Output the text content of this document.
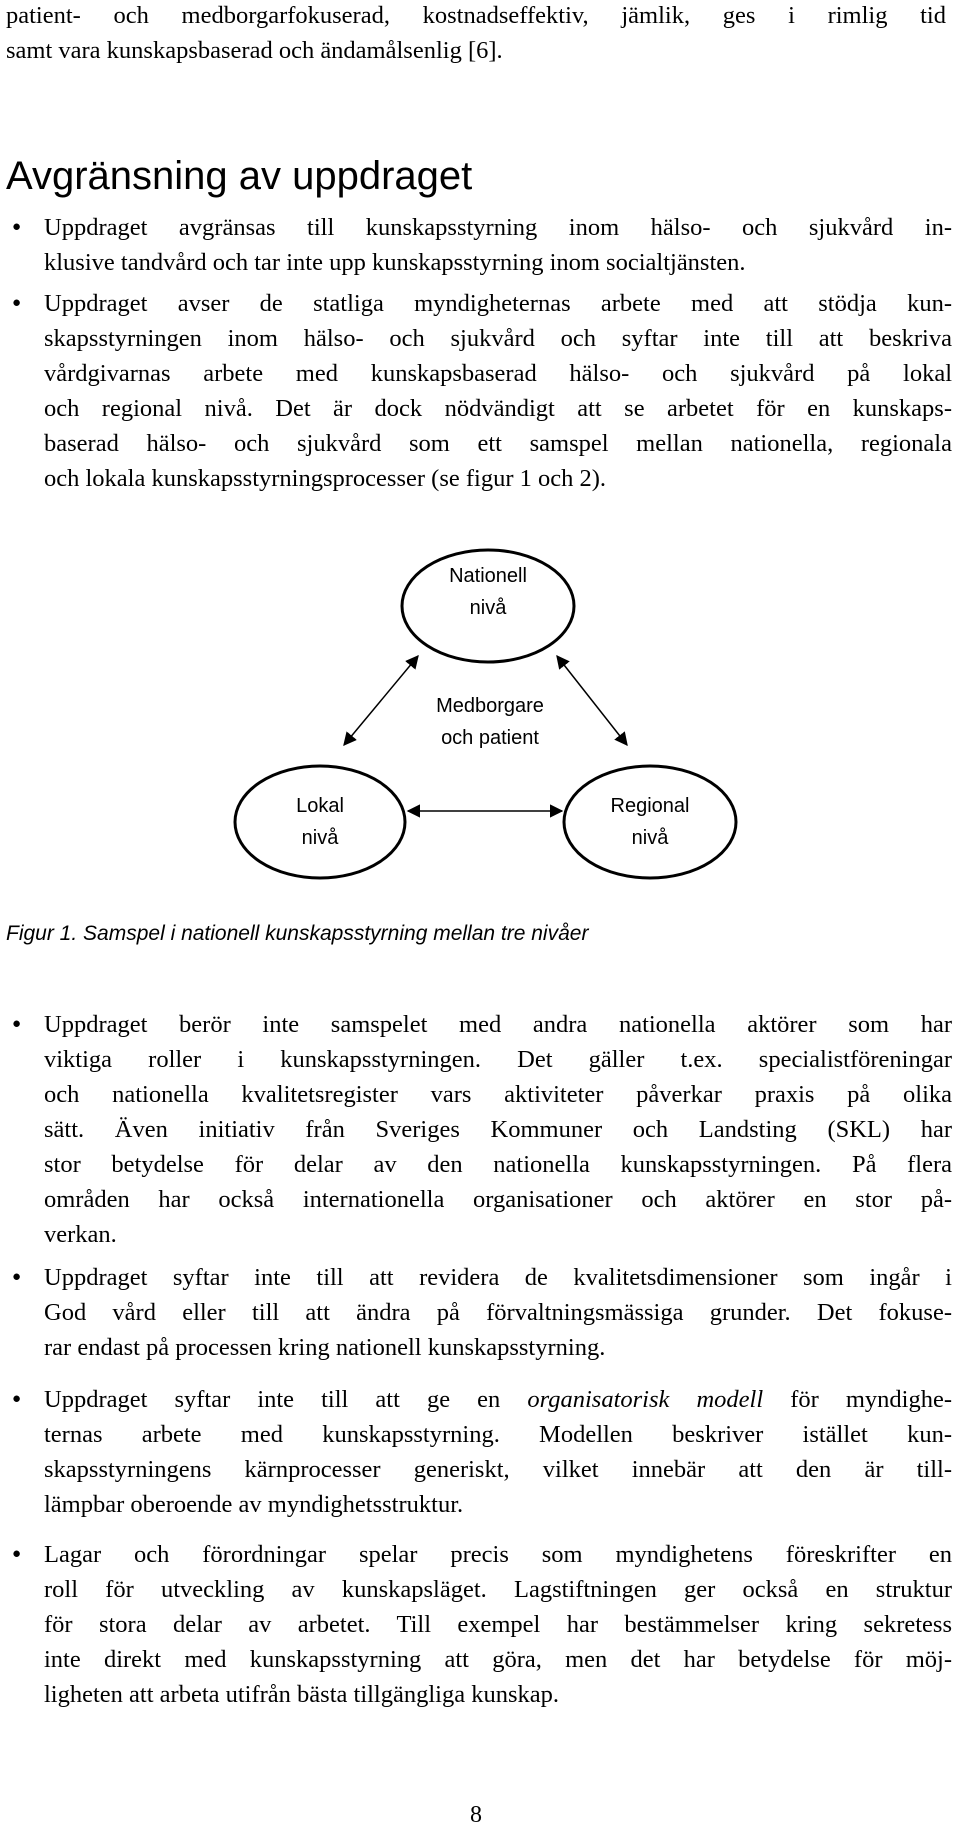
patient- och medborgarfokuserad, kostnadseffektiv, jämlik, ges i rimlig tid
samt vara kunskapsbaserad och ändamålsenlig [6].
Avgränsning av uppdraget
● Uppdraget avgränsas till kunskapsstyrning inom hälso- och sjukvård in-
klusive tandvård och tar inte upp kunskapsstyrning inom socialtjänsten.
● Uppdraget avser de statliga myndigheternas arbete med att stödja kun-
skapsstyrningen inom hälso- och sjukvård och syftar inte till att beskriva
vårdgivarnas arbete med kunskapsbaserad hälso- och sjukvård på lokal
och regional nivå. Det är dock nödvändigt att se arbetet för en kunskaps-
baserad hälso- och sjukvård som ett samspel mellan nationella, regionala
och lokala kunskapsstyrningsprocesser (se figur 1 och 2).
Nationell
nivå
Medborgare
och patient
Lokal
nivå
Regional
nivå
Figur 1. Samspel i nationell kunskapsstyrning mellan tre nivåer
● Uppdraget berör inte samspelet med andra nationella aktörer som har
viktiga roller i kunskapsstyrningen. Det gäller t.ex. specialistföreningar
och nationella kvalitetsregister vars aktiviteter påverkar praxis på olika
sätt. Även initiativ från Sveriges Kommuner och Landsting (SKL) har
stor betydelse för delar av den nationella kunskapsstyrningen. På flera
områden har också internationella organisationer och aktörer en stor på-
verkan.
● Uppdraget syftar inte till att revidera de kvalitetsdimensioner som ingår i
God vård eller till att ändra på förvaltningsmässiga grunder. Det fokuse-
rar endast på processen kring nationell kunskapsstyrning.
● Uppdraget syftar inte till att ge en organisatorisk modell för myndighe-
ternas arbete med kunskapsstyrning. Modellen beskriver istället kun-
skapsstyrningens kärnprocesser generiskt, vilket innebär att den är till-
lämpbar oberoende av myndighetsstruktur.
● Lagar och förordningar spelar precis som myndighetens föreskrifter en
roll för utveckling av kunskapsläget. Lagstiftningen ger också en struktur
för stora delar av arbetet. Till exempel har bestämmelser kring sekretess
inte direkt med kunskapsstyrning att göra, men det har betydelse för möj-
ligheten att arbeta utifrån bästa tillgängliga kunskap.
8
